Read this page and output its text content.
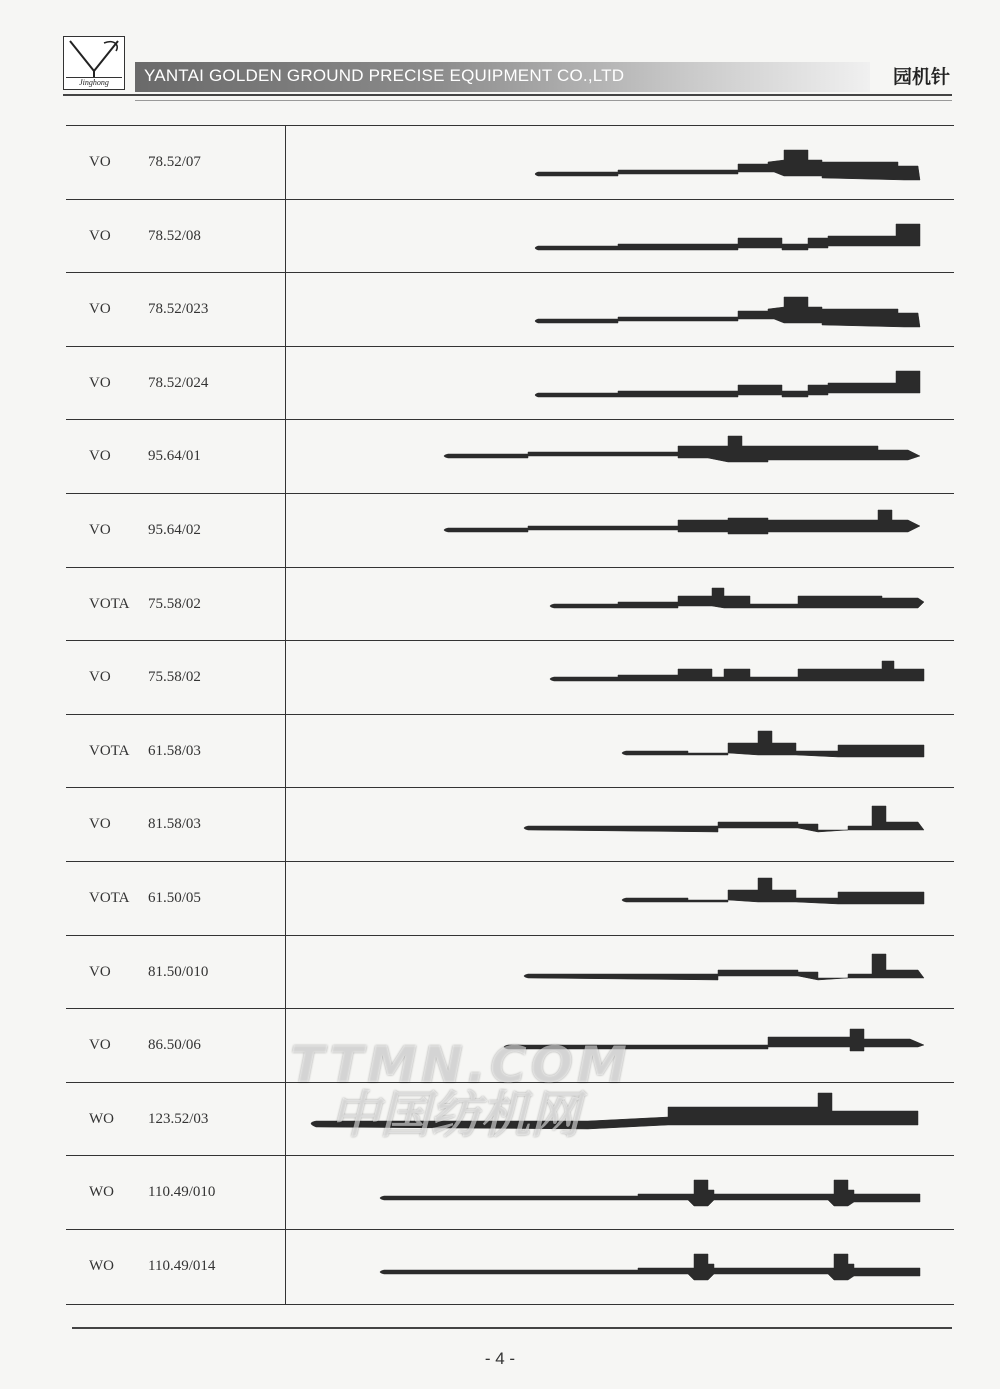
Jinghong	YANTAI GOLDEN GROUND PRECISE EQUIPMENT CO.,LTD	园机针
VO 78.52/07
VO 78.52/08
VO 78.52/023
VO 78.52/024
VO 95.64/01
VO 95.64/02
VOTA 75.58/02
VO 75.58/02
VOTA 61.58/03
VO 81.58/03
VOTA 61.50/05
VO 81.50/010
VO 86.50/06
WO 123.52/03
WO 110.49/010
WO 110.49/014
TTMN.COM
中国纺机网
- 4 -
